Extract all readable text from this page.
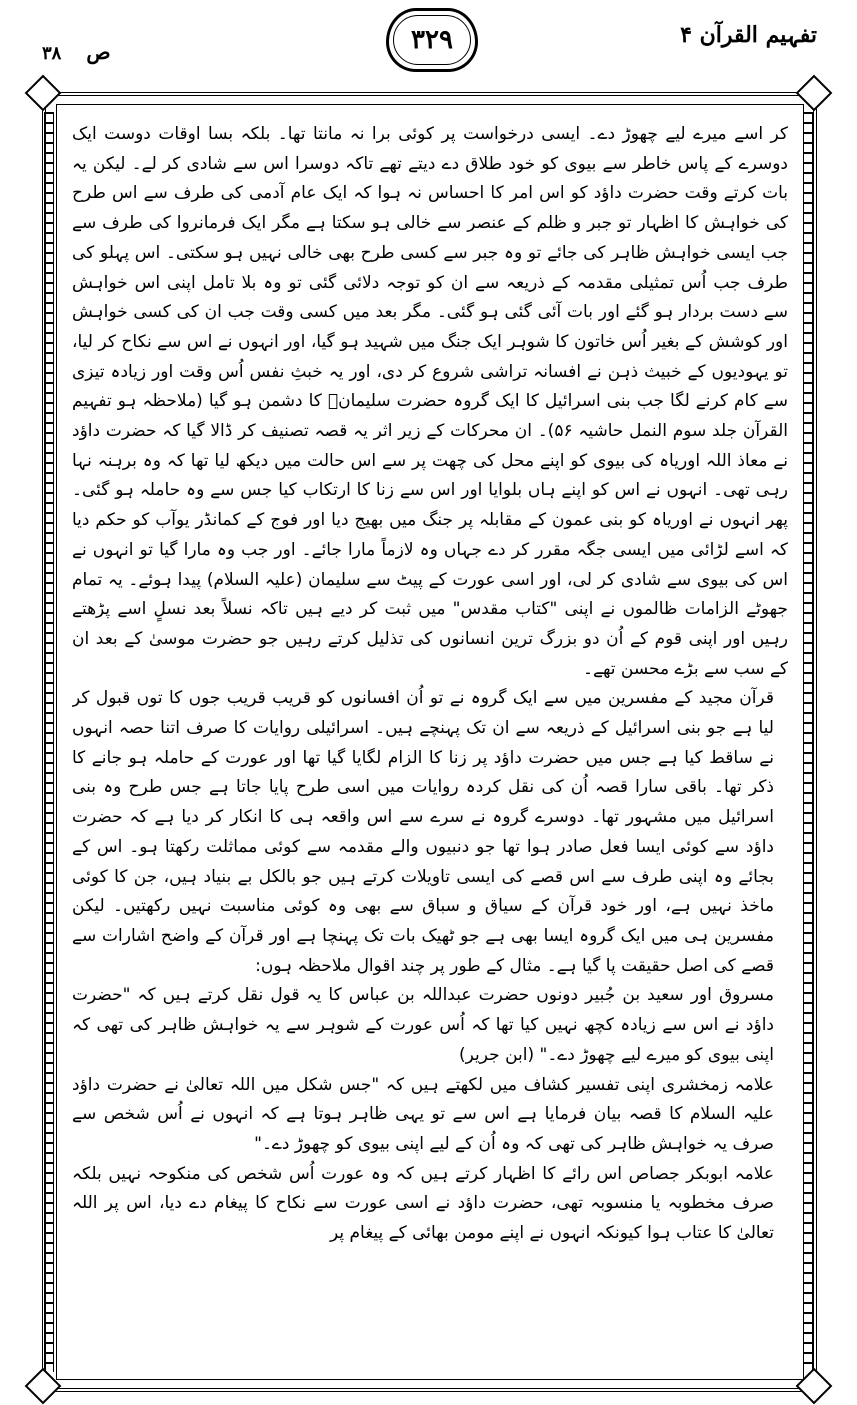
تفہیم القرآن ۴
۳۲۹
ص ۳۸

کر اسے میرے لیے چھوڑ دے۔ ایسی درخواست پر کوئی برا نہ مانتا تھا۔ بلکہ بسا اوقات دوست ایک دوسرے کے پاس خاطر سے بیوی کو خود طلاق دے دیتے تھے تاکہ دوسرا اس سے شادی کر لے۔ لیکن یہ بات کرتے وقت حضرت داؤد کو اس امر کا احساس نہ ہوا کہ ایک عام آدمی کی طرف سے اس طرح کی خواہش کا اظہار تو جبر و ظلم کے عنصر سے خالی ہو سکتا ہے مگر ایک فرمانروا کی طرف سے جب ایسی خواہش ظاہر کی جائے تو وہ جبر سے کسی طرح بھی خالی نہیں ہو سکتی۔ اس پہلو کی طرف جب اُس تمثیلی مقدمہ کے ذریعہ سے ان کو توجہ دلائی گئی تو وہ بلا تامل اپنی اس خواہش سے دست بردار ہو گئے اور بات آئی گئی ہو گئی۔ مگر بعد میں کسی وقت جب ان کی کسی خواہش اور کوشش کے بغیر اُس خاتون کا شوہر ایک جنگ میں شہید ہو گیا، اور انہوں نے اس سے نکاح کر لیا، تو یہودیوں کے خبیث ذہن نے افسانہ تراشی شروع کر دی، اور یہ خبثِ نفس اُس وقت اور زیادہ تیزی سے کام کرنے لگا جب بنی اسرائیل کا ایک گروہ حضرت سلیمانؑ کا دشمن ہو گیا (ملاحظہ ہو تفہیم القرآن جلد سوم النمل حاشیہ ۵۶)۔ ان محرکات کے زیر اثر یہ قصہ تصنیف کر ڈالا گیا کہ حضرت داؤد نے معاذ اللہ اوریاہ کی بیوی کو اپنے محل کی چھت پر سے اس حالت میں دیکھ لیا تھا کہ وہ برہنہ نہا رہی تھی۔ انہوں نے اس کو اپنے ہاں بلوایا اور اس سے زنا کا ارتکاب کیا جس سے وہ حاملہ ہو گئی۔ پھر انہوں نے اوریاہ کو بنی عمون کے مقابلہ پر جنگ میں بھیج دیا اور فوج کے کمانڈر یوآب کو حکم دیا کہ اسے لڑائی میں ایسی جگہ مقرر کر دے جہاں وہ لازماً مارا جائے۔ اور جب وہ مارا گیا تو انہوں نے اس کی بیوی سے شادی کر لی، اور اسی عورت کے پیٹ سے سلیمان (علیہ السلام) پیدا ہوئے۔ یہ تمام جھوٹے الزامات ظالموں نے اپنی "کتاب مقدس" میں ثبت کر دیے ہیں تاکہ نسلاً بعد نسلٍ اسے پڑھتے رہیں اور اپنی قوم کے اُن دو بزرگ ترین انسانوں کی تذلیل کرتے رہیں جو حضرت موسیٰ کے بعد ان کے سب سے بڑے محسن تھے۔

قرآن مجید کے مفسرین میں سے ایک گروہ نے تو اُن افسانوں کو قریب قریب جوں کا توں قبول کر لیا ہے جو بنی اسرائیل کے ذریعہ سے ان تک پہنچے ہیں۔ اسرائیلی روایات کا صرف اتنا حصہ انہوں نے ساقط کیا ہے جس میں حضرت داؤد پر زنا کا الزام لگایا گیا تھا اور عورت کے حاملہ ہو جانے کا ذکر تھا۔ باقی سارا قصہ اُن کی نقل کردہ روایات میں اسی طرح پایا جاتا ہے جس طرح وہ بنی اسرائیل میں مشہور تھا۔ دوسرے گروہ نے سرے سے اس واقعہ ہی کا انکار کر دیا ہے کہ حضرت داؤد سے کوئی ایسا فعل صادر ہوا تھا جو دنبیوں والے مقدمہ سے کوئی مماثلت رکھتا ہو۔ اس کے بجائے وہ اپنی طرف سے اس قصے کی ایسی تاویلات کرتے ہیں جو بالکل بے بنیاد ہیں، جن کا کوئی ماخذ نہیں ہے، اور خود قرآن کے سیاق و سباق سے بھی وہ کوئی مناسبت نہیں رکھتیں۔ لیکن مفسرین ہی میں ایک گروہ ایسا بھی ہے جو ٹھیک بات تک پہنچا ہے اور قرآن کے واضح اشارات سے قصے کی اصل حقیقت پا گیا ہے۔ مثال کے طور پر چند اقوال ملاحظہ ہوں:

مسروق اور سعید بن جُبیر دونوں حضرت عبداللہ بن عباس کا یہ قول نقل کرتے ہیں کہ "حضرت داؤد نے اس سے زیادہ کچھ نہیں کیا تھا کہ اُس عورت کے شوہر سے یہ خواہش ظاہر کی تھی کہ اپنی بیوی کو میرے لیے چھوڑ دے۔" (ابن جریر)

علامہ زمخشری اپنی تفسیر کشاف میں لکھتے ہیں کہ "جس شکل میں اللہ تعالیٰ نے حضرت داؤد علیہ السلام کا قصہ بیان فرمایا ہے اس سے تو یہی ظاہر ہوتا ہے کہ انہوں نے اُس شخص سے صرف یہ خواہش ظاہر کی تھی کہ وہ اُن کے لیے اپنی بیوی کو چھوڑ دے۔"

علامہ ابوبکر جصاص اس رائے کا اظہار کرتے ہیں کہ وہ عورت اُس شخص کی منکوحہ نہیں بلکہ صرف مخطوبہ یا منسوبہ تھی، حضرت داؤد نے اسی عورت سے نکاح کا پیغام دے دیا، اس پر اللہ تعالیٰ کا عتاب ہوا کیونکہ انہوں نے اپنے مومن بھائی کے پیغام پر
